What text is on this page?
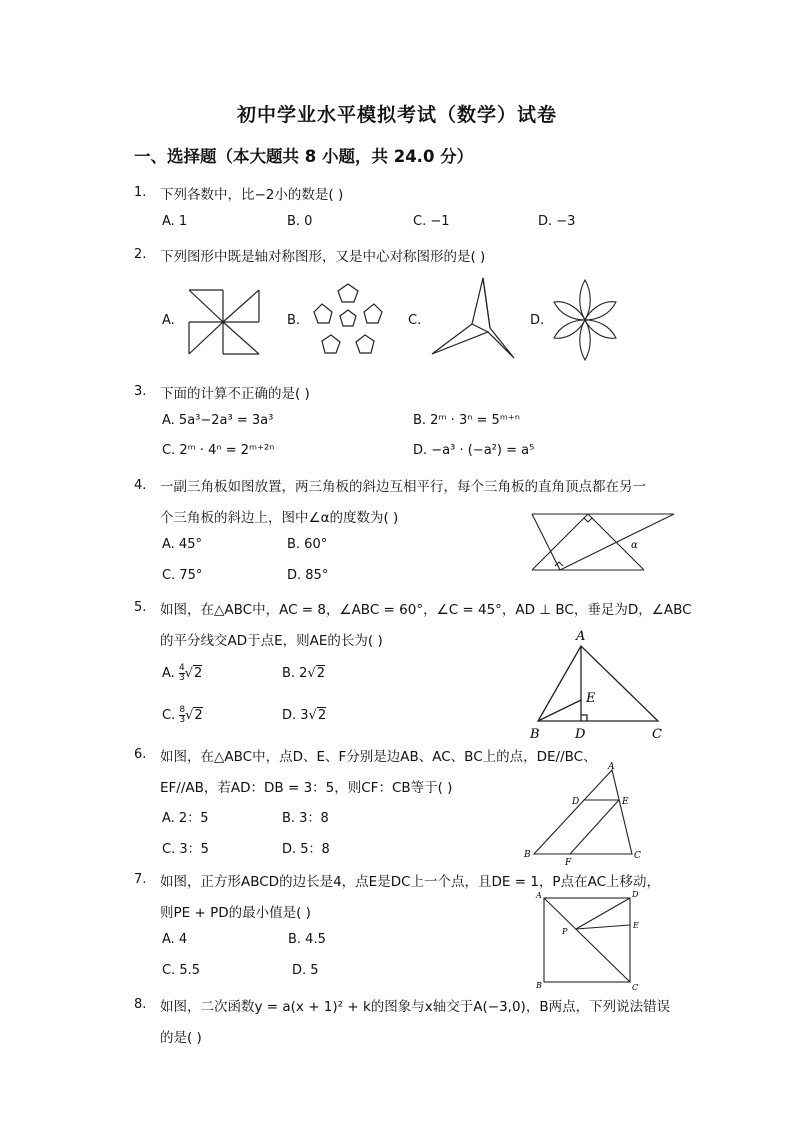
初中学业水平模拟考试（数学）试卷
一、选择题（本大题共 8 小题，共 24.0 分）
1. 下列各数中，比−2小的数是( )
A. 1	B. 0	C. −1	D. −3
2. 下列图形中既是轴对称图形，又是中心对称图形的是( )
A.	B.	C.	D.
3. 下面的计算不正确的是( )
A. 5a³−2a³ = 3a³	B. 2ᵐ · 3ⁿ = 5ᵐ⁺ⁿ
C. 2ᵐ · 4ⁿ = 2ᵐ⁺²ⁿ	D. −a³ · (−a²) = a⁵
4. 一副三角板如图放置，两三角板的斜边互相平行，每个三角板的直角顶点都在另一
个三角板的斜边上，图中∠α的度数为( )
A. 45°	B. 60°
C. 75°	D. 85°
α
5. 如图，在△ABC中，AC = 8，∠ABC = 60°，∠C = 45°，AD ⊥ BC，垂足为D，∠ABC
的平分线交AD于点E，则AE的长为( )
A. $\frac{4}{3} √2$	B. 2√2
C. $\frac{8}{3} √2$	D. 3√2
A
B	C
D
E
6. 如图，在△ABC中，点D、E、F分别是边AB、AC、BC上的点，DE//BC、
EF//AB，若AD：DB = 3：5，则CF：CB等于( )
A. 2：5	B. 3：8
C. 3：5	D. 5：8
A
B	C
D	E
F
7. 如图，正方形ABCD的边长是4，点E是DC上一个点，且DE = 1，P点在AC上移动，
则PE + PD的最小值是( )
A. 4	B. 4.5
C. 5.5	D. 5
A
B	C
D
E
P
8. 如图，二次函数y = a(x + 1)² + k的图象与x轴交于A(−3,0)，B两点，下列说法错误
的是( )
